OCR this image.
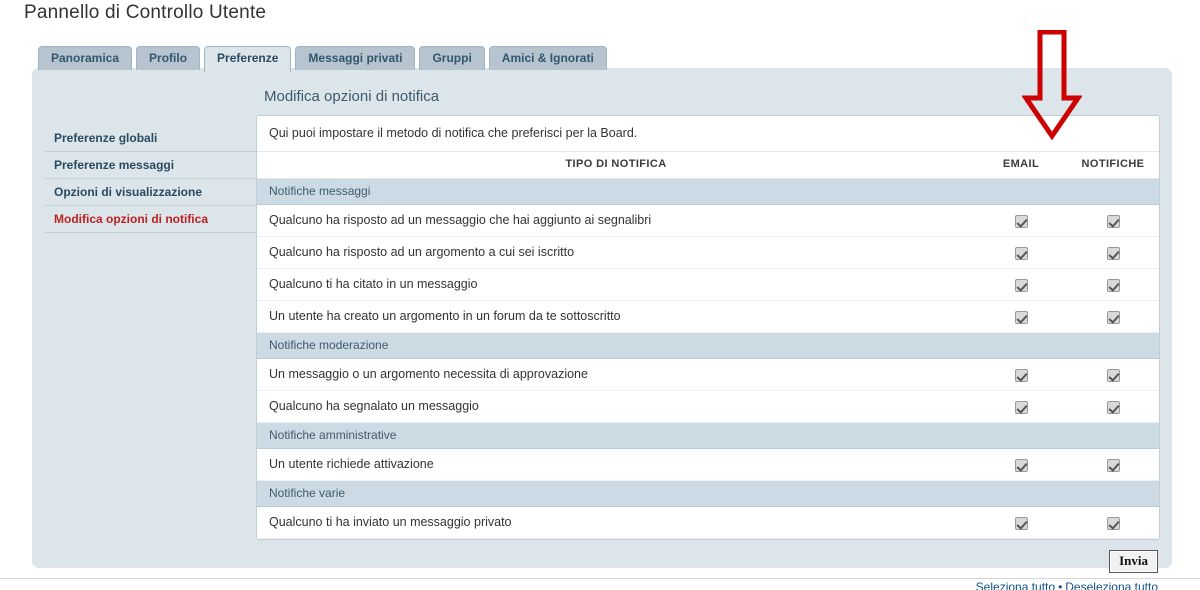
Pannello di Controllo Utente
Panoramica	Profilo	Preferenze	Messaggi privati	Gruppi	Amici & Ignorati
Preferenze globali
Preferenze messaggi
Opzioni di visualizzazione
Modifica opzioni di notifica
Modifica opzioni di notifica
Qui puoi impostare il metodo di notifica che preferisci per la Board.
TIPO DI NOTIFICA	EMAIL	NOTIFICHE
Notifiche messaggi		
Qualcuno ha risposto ad un messaggio che hai aggiunto ai segnalibri		
Qualcuno ha risposto ad un argomento a cui sei iscritto		
Qualcuno ti ha citato in un messaggio		
Un utente ha creato un argomento in un forum da te sottoscritto		
Notifiche moderazione		
Un messaggio o un argomento necessita di approvazione		
Qualcuno ha segnalato un messaggio		
Notifiche amministrative		
Un utente richiede attivazione		
Notifiche varie		
Qualcuno ti ha inviato un messaggio privato		
Invia
Seleziona tutto • Deseleziona tutto
